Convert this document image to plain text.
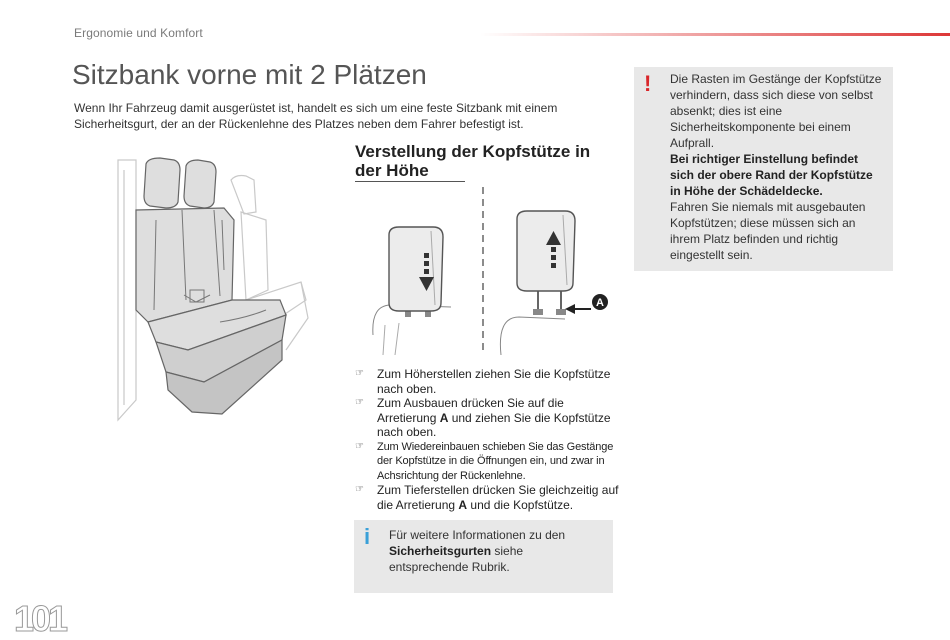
Ergonomie und Komfort
Sitzbank vorne mit 2 Plätzen

Wenn Ihr Fahrzeug damit ausgerüstet ist, handelt es sich um eine feste Sitzbank mit einem Sicherheitsgurt, der an der Rückenlehne des Platzes neben dem Fahrer befestigt ist.

Verstellung der Kopfstütze in der Höhe
A
☞ Zum Höherstellen ziehen Sie die Kopfstütze nach oben.
☞ Zum Ausbauen drücken Sie auf die Arretierung A und ziehen Sie die Kopfstütze nach oben.
☞ Zum Wiedereinbauen schieben Sie das Gestänge der Kopfstütze in die Öffnungen ein, und zwar in Achsrichtung der Rückenlehne.
☞ Zum Tieferstellen drücken Sie gleichzeitig auf die Arretierung A und die Kopfstütze.
! Die Rasten im Gestänge der Kopfstütze verhindern, dass sich diese von selbst absenkt; dies ist eine Sicherheitskomponente bei einem Aufprall.

Bei richtiger Einstellung befindet sich der obere Rand der Kopfstütze in Höhe der Schädeldecke.

Fahren Sie niemals mit ausgebauten Kopfstützen; diese müssen sich an ihrem Platz befinden und richtig eingestellt sein.

i Für weitere Informationen zu den Sicherheitsgurten siehe entsprechende Rubrik.
101
